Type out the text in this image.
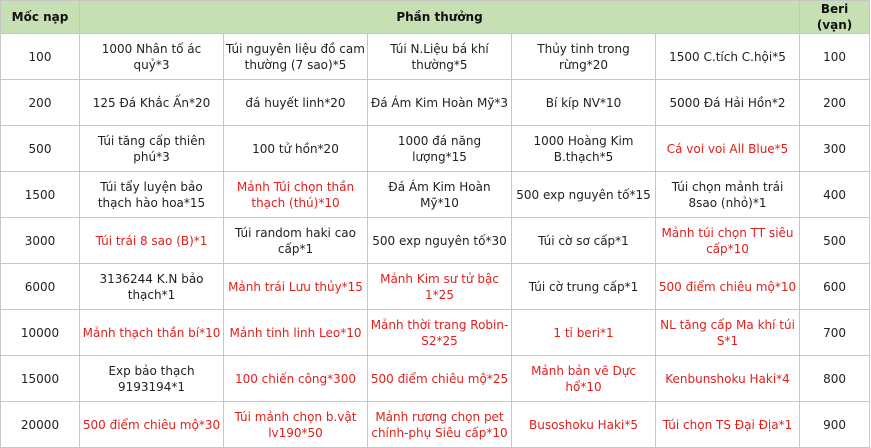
Mốc nạp	Phần thưởng					Beri (vạn)
100	1000 Nhân tố ác quỷ*3	Túi nguyên liệu đồ cam thường (7 sao)*5	Túi N.Liệu bá khí thường*5	Thủy tinh trong rừng*20	1500 C.tích C.hội*5	100
200	125 Đá Khắc Ấn*20	đá huyết linh*20	Đá Ám Kim Hoàn Mỹ*3	Bí kíp NV*10	5000 Đá Hải Hồn*2	200
500	Túi tăng cấp thiên phú*3	100 tử hồn*20	1000 đá năng lượng*15	1000 Hoàng Kim B.thạch*5	Cá voi voi All Blue*5	300
1500	Túi tẩy luyện bảo thạch hào hoa*15	Mảnh Túi chọn thần thạch (thú)*10	Đá Ám Kim Hoàn Mỹ*10	500 exp nguyên tố*15	Túi chọn mảnh trái 8sao (nhỏ)*1	400
3000	Túi trái 8 sao (B)*1	Túi random haki cao cấp*1	500 exp nguyên tố*30	Túi cờ sơ cấp*1	Mảnh túi chọn TT siêu cấp*10	500
6000	3136244 K.N bảo thạch*1	Mảnh trái Lưu thủy*15	Mảnh Kim sư tử bậc 1*25	Túi cờ trung cấp*1	500 điểm chiêu mộ*10	600
10000	Mảnh thạch thần bí*10	Mảnh tinh linh Leo*10	Mảnh thời trang Robin-S2*25	1 tỉ beri*1	NL tăng cấp Ma khí túi S*1	700
15000	Exp bảo thạch 9193194*1	100 chiến công*300	500 điểm chiêu mộ*25	Mảnh bản vẽ Dực hổ*10	Kenbunshoku Haki*4	800
20000	500 điểm chiêu mộ*30	Túi mảnh chọn b.vật lv190*50	Mảnh rương chọn pet chính-phụ Siêu cấp*10	Busoshoku Haki*5	Túi chọn TS Đại Địa*1	900
